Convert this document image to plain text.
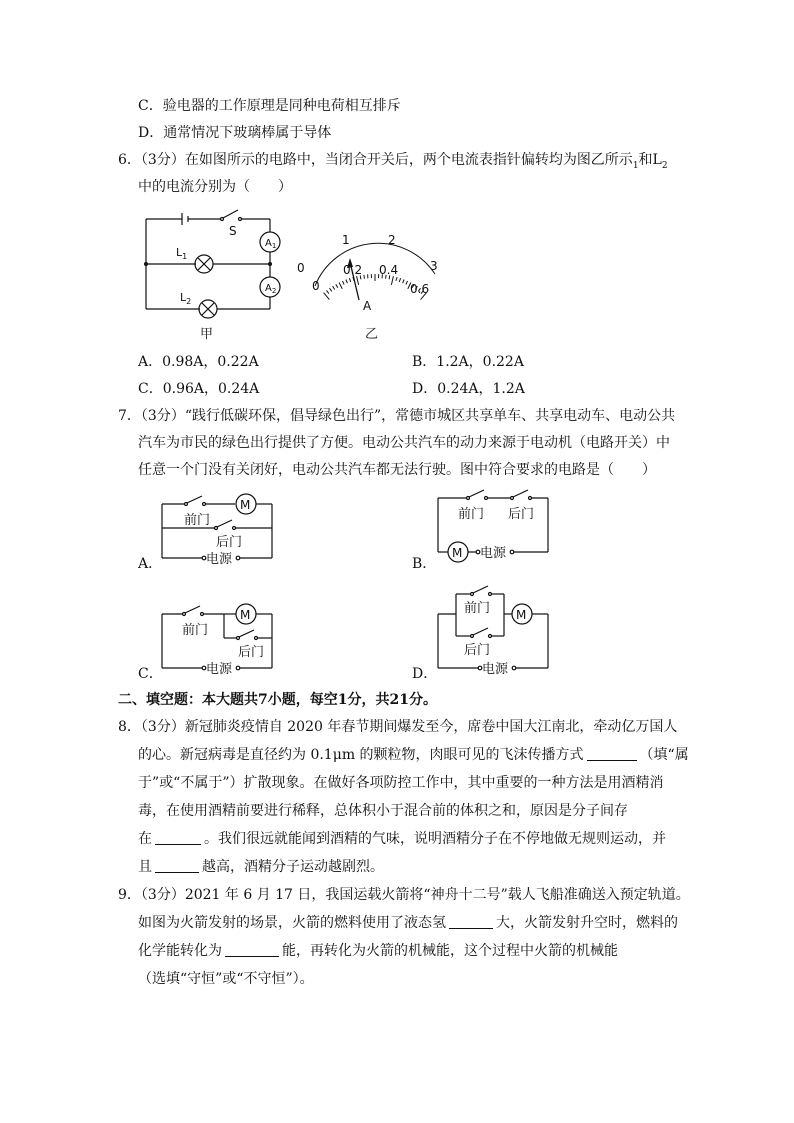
C．验电器的工作原理是同种电荷相互排斥
D．通常情况下玻璃棒属于导体
6．（3分）在如图所示的电路中，当闭合开关后，两个电流表指针偏转均为图乙所示$_1$和$L_2$
中的电流分别为（　　）
S
$A_1$
$A_2$
$L_1$
$L_2$
甲
0
1	2
3
0
0.2 0.4
0.6
A
乙
A．0.98A，0.22A	B．1.2A，0.22A
C．0.96A，0.24A	D．0.24A，1.2A
7．（3分）“践行低碳环保，倡导绿色出行”，常德市城区共享单车、共享电动车、电动公共
汽车为市民的绿色出行提供了方便。电动公共汽车的动力来源于电动机（电路开关）中
任意一个门没有关闭好，电动公共汽车都无法行驶。图中符合要求的电路是（　　）
A．
M
前门
后门
电源	B．
前门 后门
M 电源
C．
前门
M
后门
电源	D．
前门 M
后门
电源
二、填空题：本大题共7小题，每空1分，共21分。
8．（3分）新冠肺炎疫情自 2020 年春节期间爆发至今，席卷中国大江南北，牵动亿万国人
的心。新冠病毒是直径约为 0.1μm 的颗粒物，肉眼可见的飞沫传播方式	（填“属
于”或“不属于”）扩散现象。在做好各项防控工作中，其中重要的一种方法是用酒精消
毒，在使用酒精前要进行稀释，总体积小于混合前的体积之和，原因是分子间存
在	。我们很远就能闻到酒精的气味，说明酒精分子在不停地做无规则运动，并
且	越高，酒精分子运动越剧烈。
9．（3分）2021 年 6 月 17 日，我国运载火箭将“神舟十二号”载人飞船准确送入预定轨道。
如图为火箭发射的场景，火箭的燃料使用了液态氢	大，火箭发射升空时，燃料的
化学能转化为	能，再转化为火箭的机械能，这个过程中火箭的机械能
（选填“守恒”或“不守恒”）。
